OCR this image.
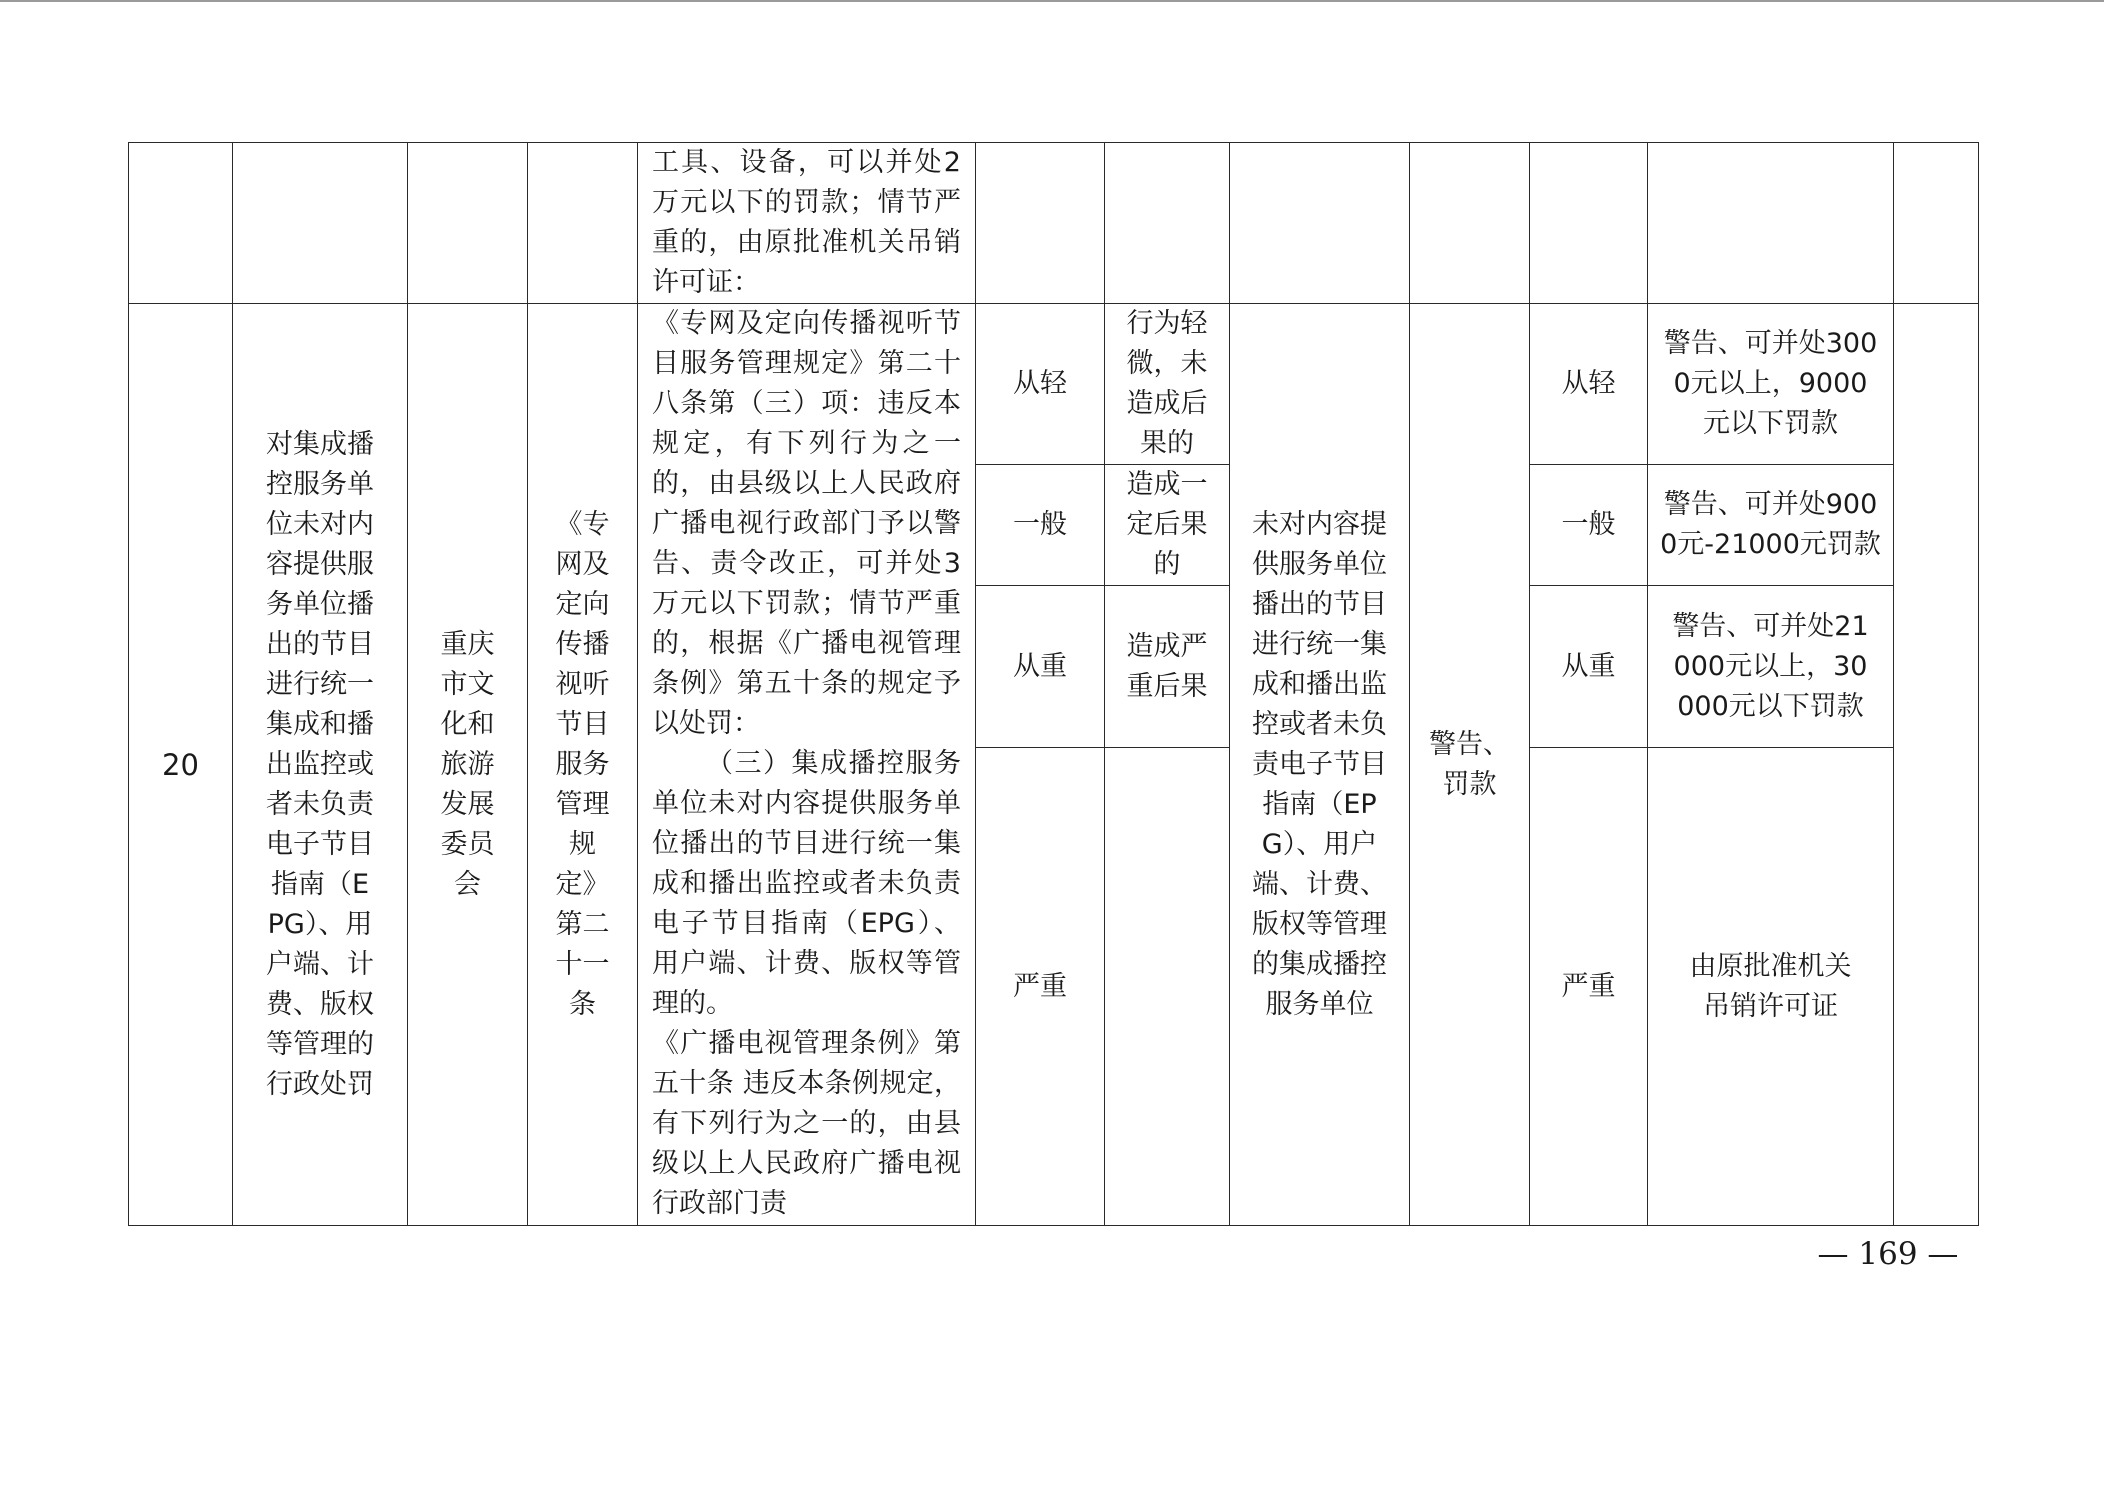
				工具、设备，可以并处2万元以下的罚款；情节严重的，由原批准机关吊销许可证：							
20	对集成播控服务单位未对内容提供服务单位播出的节目进行统一集成和播出监控或者未负责电子节目指南（EPG）、用户端、计费、版权等管理的行政处罚	重庆市文化和旅游发展委员会	《专网及定向传播视听节目服务管理规定》第二十一条	《专网及定向传播视听节目服务管理规定》第二十八条第（三）项：违反本规定，有下列行为之一的，由县级以上人民政府广播电视行政部门予以警告、责令改正，可并处3万元以下罚款；情节严重的，根据《广播电视管理条例》第五十条的规定予以处罚：
（三）集成播控服务单位未对内容提供服务单位播出的节目进行统一集成和播出监控或者未负责电子节目指南（EPG）、用户端、计费、版权等管理的。
《广播电视管理条例》第五十条 违反本条例规定，有下列行为之一的，由县级以上人民政府广播电视行政部门责	从轻	行为轻微，未造成后果的	未对内容提供服务单位播出的节目进行统一集成和播出监控或者未负责电子节目指南（EPG）、用户端、计费、版权等管理的集成播控服务单位	警告、罚款	从轻	警告、可并处3000元以上，9000元以下罚款	
					一般	造成一定后果的			一般	警告、可并处9000元-21000元罚款	
					从重	造成严重后果			从重	警告、可并处21000元以上，30000元以下罚款	
					严重				严重	由原批准机关吊销许可证	
— 169 —
